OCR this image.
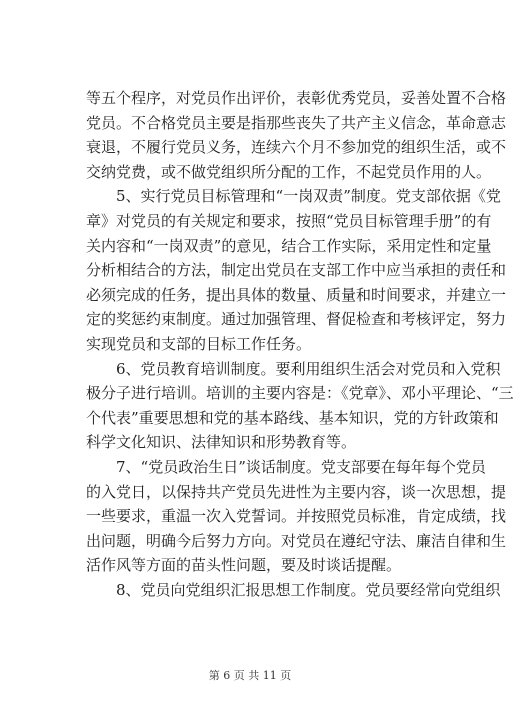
等五个程序，对党员作出评价，表彰优秀党员，妥善处置不合格
党员。不合格党员主要是指那些丧失了共产主义信念，革命意志
衰退，不履行党员义务，连续六个月不参加党的组织生活，或不
交纳党费，或不做党组织所分配的工作，不起党员作用的人。
5、实行党员目标管理和“一岗双责”制度。党支部依据《党
章》对党员的有关规定和要求，按照“党员目标管理手册”的有
关内容和“一岗双责”的意见，结合工作实际，采用定性和定量
分析相结合的方法，制定出党员在支部工作中应当承担的责任和
必须完成的任务，提出具体的数量、质量和时间要求，并建立一
定的奖惩约束制度。通过加强管理、督促检查和考核评定，努力
实现党员和支部的目标工作任务。
6、党员教育培训制度。要利用组织生活会对党员和入党积
极分子进行培训。培训的主要内容是：《党章》、邓小平理论、“三
个代表”重要思想和党的基本路线、基本知识，党的方针政策和
科学文化知识、法律知识和形势教育等。
7、“党员政治生日”谈话制度。党支部要在每年每个党员
的入党日，以保持共产党员先进性为主要内容，谈一次思想，提
一些要求，重温一次入党誓词。并按照党员标准，肯定成绩，找
出问题，明确今后努力方向。对党员在遵纪守法、廉洁自律和生
活作风等方面的苗头性问题，要及时谈话提醒。
8、党员向党组织汇报思想工作制度。党员要经常向党组织
第 6 页 共 11 页
